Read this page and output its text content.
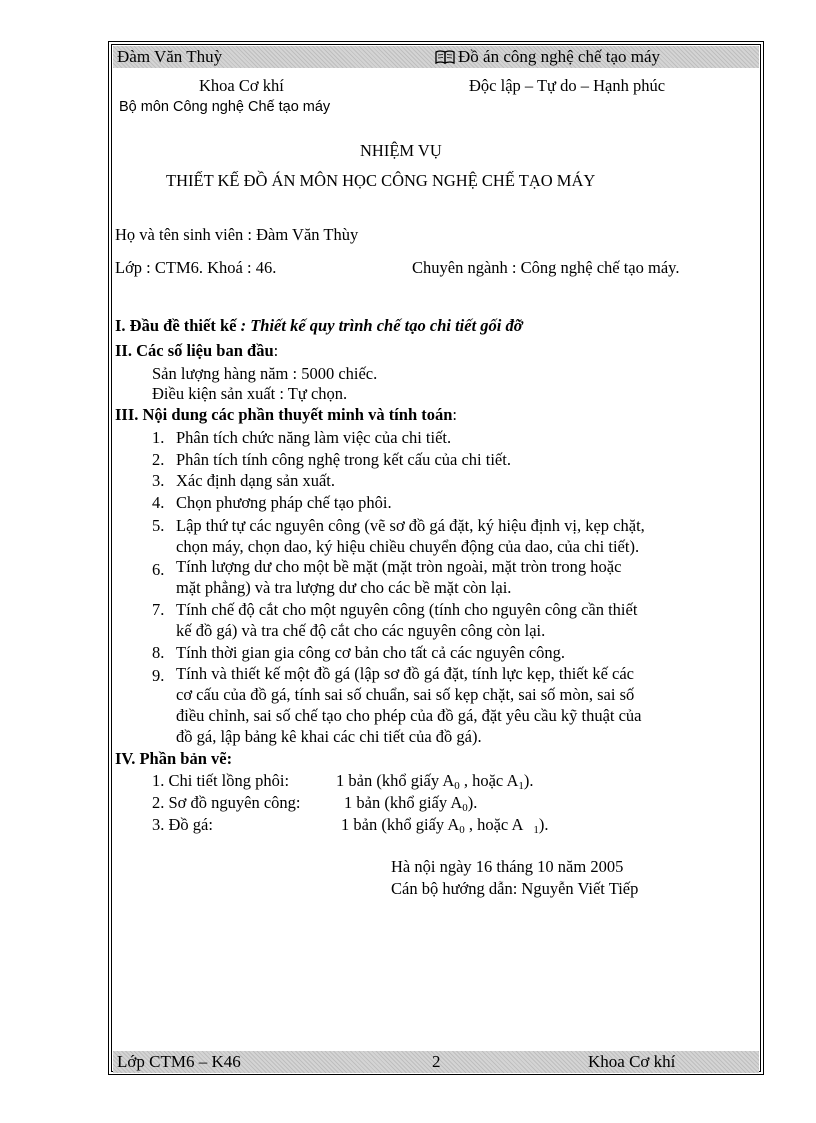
Đàm Văn Thuỳ	Đồ án công nghệ chế tạo máy
Khoa Cơ khí	Độc lập – Tự do – Hạnh phúc
Bộ môn Công nghệ Chế tạo máy
NHIỆM VỤ
THIẾT KẾ ĐỒ ÁN MÔN HỌC CÔNG NGHỆ CHẾ TẠO MÁY
Họ và tên sinh viên : Đàm Văn Thùy
Lớp : CTM6. Khoá : 46.	Chuyên ngành : Công nghệ chế tạo máy.
I. Đầu đề thiết kế : Thiết kế quy trình chế tạo chi tiết gối đỡ
II. Các số liệu ban đầu:
Sản lượng hàng năm : 5000 chiếc.
Điều kiện sản xuất : Tự chọn.
III. Nội dung các phần thuyết minh và tính toán:
1. Phân tích chức năng làm việc của chi tiết.
2. Phân tích tính công nghệ trong kết cấu của chi tiết.
3. Xác định dạng sản xuất.
4. Chọn phương pháp chế tạo phôi.
5. Lập thứ tự các nguyên công (vẽ sơ đồ gá đặt, ký hiệu định vị, kẹp chặt,
chọn máy, chọn dao, ký hiệu chiều chuyển động của dao, của chi tiết).
6. Tính lượng dư cho một bề mặt (mặt tròn ngoài, mặt tròn trong hoặc
mặt phẳng) và tra lượng dư cho các bề mặt còn lại.
7. Tính chế độ cắt cho một nguyên công (tính cho nguyên công cần thiết
kế đồ gá) và tra chế độ cắt cho các nguyên công còn lại.
8. Tính thời gian gia công cơ bản cho tất cả các nguyên công.
9. Tính và thiết kế một đồ gá (lập sơ đồ gá đặt, tính lực kẹp, thiết kế các
cơ cấu của đồ gá, tính sai số chuẩn, sai số kẹp chặt, sai số mòn, sai số
điều chỉnh, sai số chế tạo cho phép của đồ gá, đặt yêu cầu kỹ thuật của
đồ gá, lập bảng kê khai các chi tiết của đồ gá).
IV. Phần bản vẽ:
1. Chi tiết lồng phôi:	1 bản (khổ giấy $A_0$ , hoặc $A_1$).
2. Sơ đồ nguyên công:	1 bản (khổ giấy $A_0$).
3. Đồ gá:	1 bản (khổ giấy $A_0$ , hoặc A $_1$).
Hà nội ngày 16 tháng 10 năm 2005
Cán bộ hướng dẫn: Nguyễn Viết Tiếp
Lớp CTM6 – K46	2	Khoa Cơ khí
